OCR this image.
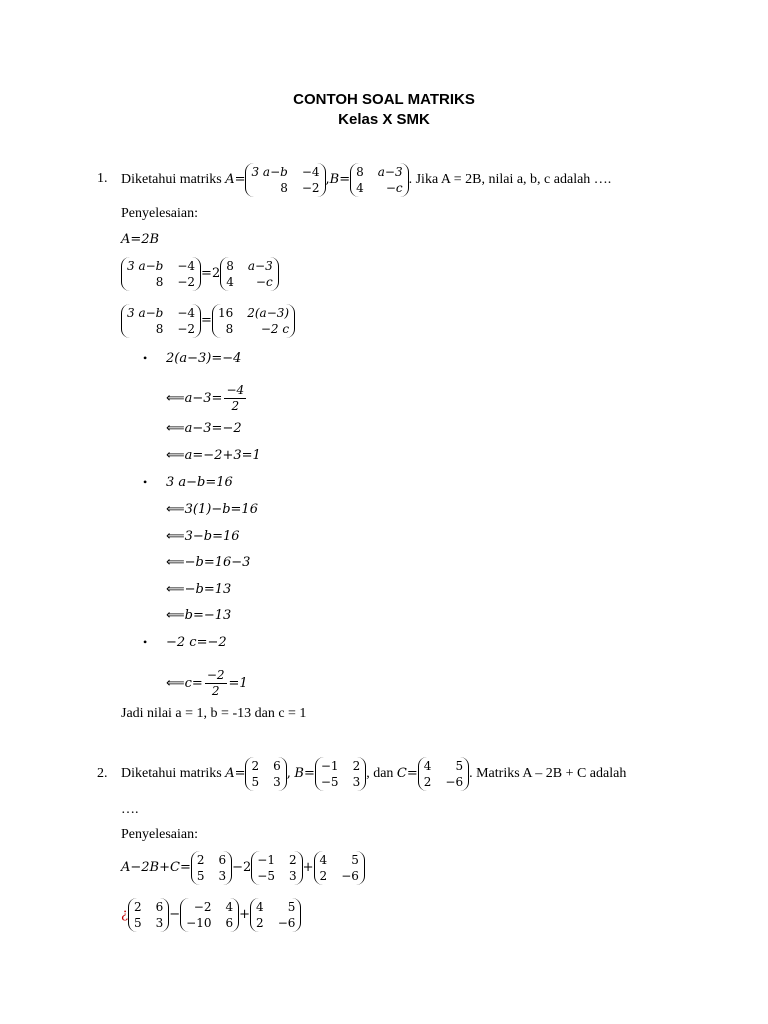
CONTOH SOAL MATRIKS
Kelas X SMK
1. Diketahui matriks A=
3 a−b −4
8 −2
,B=
8 a−3
4	−c
. Jika A = 2B, nilai a, b, c adalah ….
Penyelesaian:
A=2B
3 a−b −4
8 −2
=2
8 a−3
4	−c
3 a−b −4
8 −2
=
16 2(a−3)
8	−2 c
• 2(a−3)=−4
⟸ $a-3= \frac{-4}{2}$
⟸ a−3=−2
⟸ a=−2+3=1
• 3 a−b=16
⟸ 3(1)−b=16
⟸ 3−b=16
⟸ −b=16−3
⟸ −b=13
⟸ b=−13
• −2 c=−2
⟸ $c= \frac{-2}{2} =1$
Jadi nilai a = 1, b = -13 dan c = 1
2. Diketahui matriks A=
2 6
5 3
, B=
−1 2
−5 3
, dan C=
4	5
2 −6
. Matriks A – 2B + C adalah
….
Penyelesaian:
A−2B+C=
2 6
5 3
−2
−1 2
−5 3
+
4	5
2 −6
¿
2 6
5 3
−
−2 4
−10 6
+
4	5
2 −6
